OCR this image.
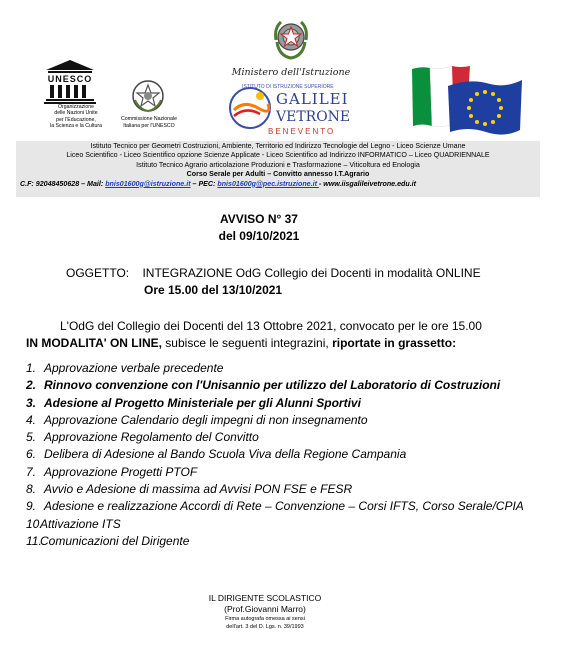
UNESCO
Organizzazione
delle Nazioni Unite
per l'Educazione,
la Scienza e la Cultura
Commissione Nazionale
Italiana per l'UNESCO
Ministero dell'Istruzione
ISTITUTO DI ISTRUZIONE SUPERIORE
GALILEI
VETRONE
BENEVENTO
Istituto Tecnico per Geometri Costruzioni, Ambiente, Territorio ed Indirizzo Tecnologie del Legno - Liceo Scienze Umane
Liceo Scientifico - Liceo Scientifico opzione Scienze Applicate - Liceo Scientifico ad Indirizzo INFORMATICO – Liceo QUADRIENNALE
Istituto Tecnico Agrario articolazione Produzioni e Trasformazione – Viticoltura ed Enologia
Corso Serale per Adulti – Convitto annesso I.T.Agrario
C.F: 92048450628 – Mail: bnis01600g@istruzione.it – PEC: bnis01600g@pec.istruzione.it - www.iisgalileivetrone.edu.it
AVVISO N° 37
del 09/10/2021
OGGETTO: INTEGRAZIONE OdG Collegio dei Docenti in modalità ONLINE
Ore 15.00 del 13/10/2021
L'OdG del Collegio dei Docenti del 13 Ottobre 2021, convocato per le ore 15.00
IN MODALITA' ON LINE, subisce le seguenti integrazini, riportate in grassetto:
1. Approvazione verbale precedente
2. Rinnovo convenzione con l'Unisannio per utilizzo del Laboratorio di Costruzioni
3. Adesione al Progetto Ministeriale per gli Alunni Sportivi
4. Approvazione Calendario degli impegni di non insegnamento
5. Approvazione Regolamento del Convitto
6. Delibera di Adesione al Bando Scuola Viva della Regione Campania
7. Approvazione Progetti PTOF
8. Avvio e Adesione di massima ad Avvisi PON FSE e FESR
9. Adesione e realizzazione Accordi di Rete – Convenzione – Corsi IFTS, Corso Serale/CPIA
10.
Attivazione ITS
11.
Comunicazioni del Dirigente
IL DIRIGENTE SCOLASTICO
(Prof.Giovanni Marro)
Firma autografa omessa ai sensi
dell'art. 3 del D. Lgs. n. 39/1993
